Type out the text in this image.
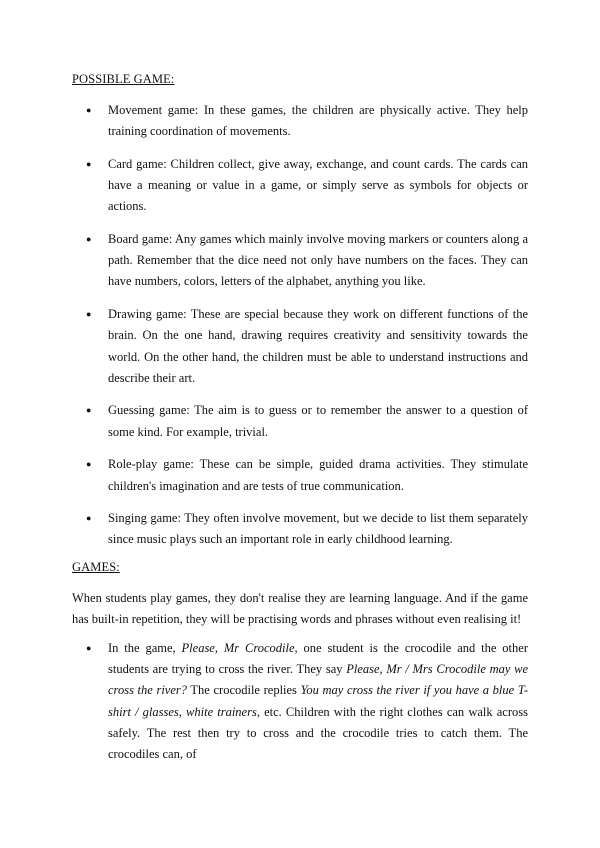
POSSIBLE GAME:

● Movement game: In these games, the children are physically active. They help training coordination of movements.
● Card game: Children collect, give away, exchange, and count cards. The cards can have a meaning or value in a game, or simply serve as symbols for objects or actions.
● Board game: Any games which mainly involve moving markers or counters along a path. Remember that the dice need not only have numbers on the faces. They can have numbers, colors, letters of the alphabet, anything you like.
● Drawing game: These are special because they work on different functions of the brain. On the one hand, drawing requires creativity and sensitivity towards the world. On the other hand, the children must be able to understand instructions and describe their art.
● Guessing game: The aim is to guess or to remember the answer to a question of some kind. For example, trivial.
● Role-play game: These can be simple, guided drama activities. They stimulate children's imagination and are tests of true communication.
● Singing game: They often involve movement, but we decide to list them separately since music plays such an important role in early childhood learning.

GAMES:

When students play games, they don't realise they are learning language. And if the game has built-in repetition, they will be practising words and phrases without even realising it!

● In the game, Please, Mr Crocodile, one student is the crocodile and the other students are trying to cross the river. They say Please, Mr / Mrs Crocodile may we cross the river? The crocodile replies You may cross the river if you have a blue T-shirt / glasses, white trainers, etc. Children with the right clothes can walk across safely. The rest then try to cross and the crocodile tries to catch them. The crocodiles can, of
